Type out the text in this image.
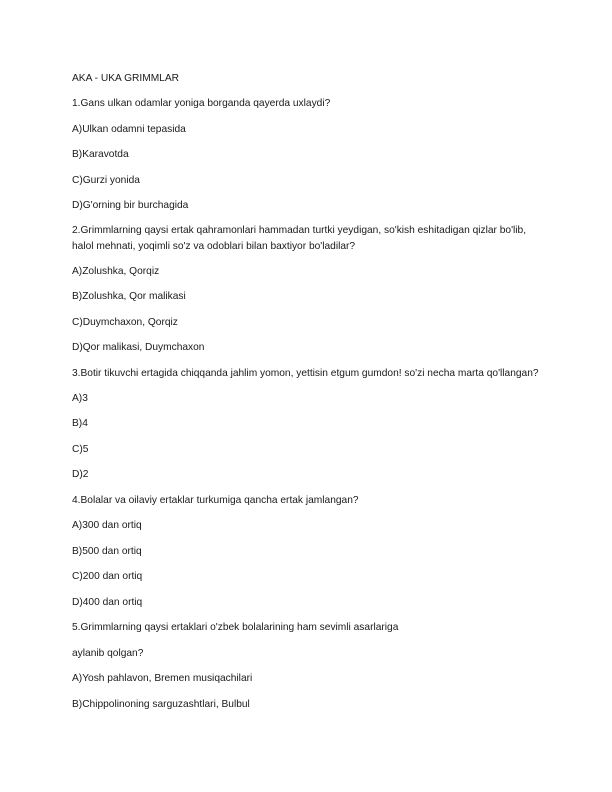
AKA - UKA GRIMMLAR
1.Gans ulkan odamlar yoniga borganda qayerda uxlaydi?
A)Ulkan odamni tepasida
B)Karavotda
C)Gurzi yonida
D)G'orning bir burchagida
2.Grimmlarning qaysi ertak qahramonlari hammadan turtki yeydigan, so'kish eshitadigan qizlar bo'lib,
halol mehnati, yoqimli so'z va odoblari bilan baxtiyor bo'ladilar?
A)Zolushka, Qorqiz
B)Zolushka, Qor malikasi
C)Duymchaxon, Qorqiz
D)Qor malikasi, Duymchaxon
3.Botir tikuvchi ertagida chiqqanda jahlim yomon, yettisin etgum gumdon! so'zi necha marta qo'llangan?
A)3
B)4
C)5
D)2
4.Bolalar va oilaviy ertaklar turkumiga qancha ertak jamlangan?
A)300 dan ortiq
B)500 dan ortiq
C)200 dan ortiq
D)400 dan ortiq
5.Grimmlarning qaysi ertaklari o'zbek bolalarining ham sevimli asarlariga
aylanib qolgan?
A)Yosh pahlavon, Bremen musiqachilari
B)Chippolinoning sarguzashtlari, Bulbul
